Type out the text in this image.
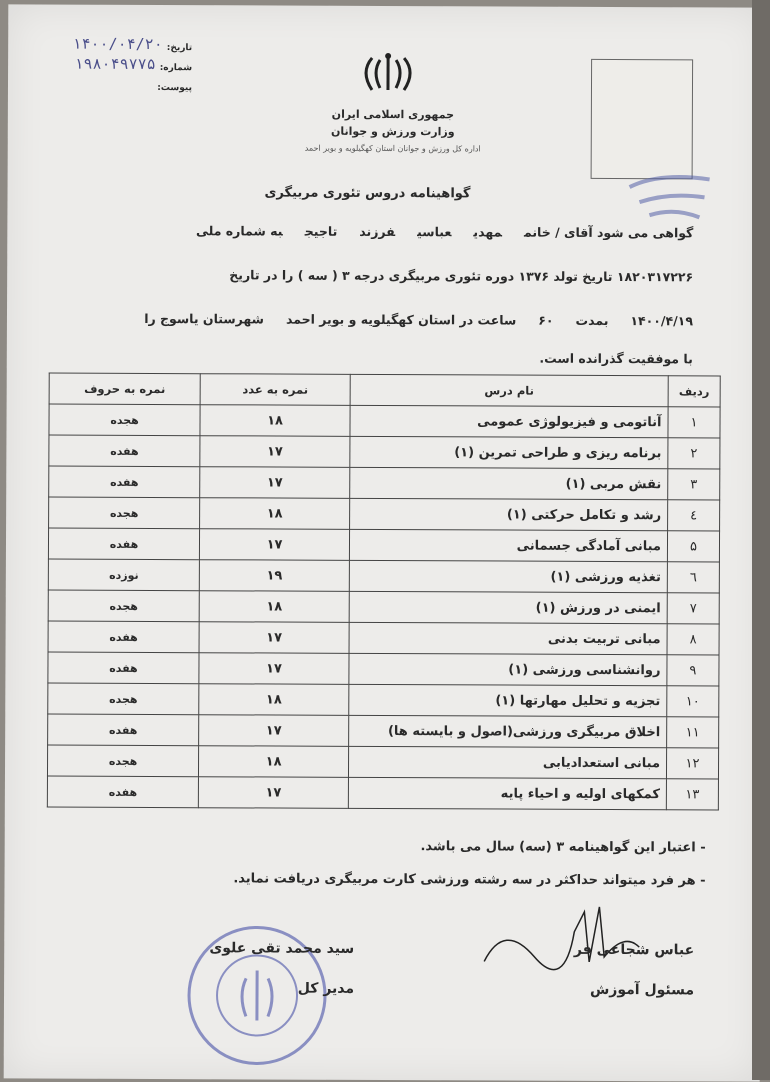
تاریخ:
۱۴۰۰/۰۴/۲۰
شماره:
۱۹۸۰۴۹۷۷۵
پیوست:
جمهوری اسلامی ایران
وزارت ورزش و جوانان
اداره کل ورزش و جوانان استان کهگیلویه و بویر احمد
گواهینامه دروس تئوری مربیگری
گواهی می شود آقای / خانممهدیعباسیفرزندتاجیجبه شماره ملی
۱۸۲۰۳۱۷۲۲۶ تاریخ تولد ۱۳۷۶ دوره تئوری مربیگری درجه ۳ ( سه ) را در تاریخ
۱۴۰۰/۴/۱۹بمدت۶۰ساعت در استان کهگیلویه و بویر احمدشهرستان یاسوج را
با موفقیت گذرانده است.
ردیف	نام درس	نمره به عدد	نمره به حروف
۱	آناتومی و فیزیولوژی عمومی	۱۸	هجده
۲	برنامه ریزی و طراحی تمرین (۱)	۱۷	هفده
۳	نقش مربی (۱)	۱۷	هفده
٤	رشد و تکامل حرکتی (۱)	۱۸	هجده
۵	مبانی آمادگی جسمانی	۱۷	هفده
٦	تغذیه ورزشی (۱)	۱۹	نوزده
۷	ایمنی در ورزش (۱)	۱۸	هجده
۸	مبانی تربیت بدنی	۱۷	هفده
۹	روانشناسی ورزشی (۱)	۱۷	هفده
۱۰	تجزیه و تحلیل مهارتها (۱)	۱۸	هجده
۱۱	اخلاق مربیگری ورزشی(اصول و بایسته ها)	۱۷	هفده
۱۲	مبانی استعدادیابی	۱۸	هجده
۱۳	کمکهای اولیه و احیاء پایه	۱۷	هفده
- اعتبار این گواهینامه ۳ (سه) سال می باشد.
- هر فرد میتواند حداکثر در سه رشته ورزشی کارت مربیگری دریافت نماید.
سید محمد تقی علوی
مدیر کل
عباس شجاعی فر
مسئول آموزش
